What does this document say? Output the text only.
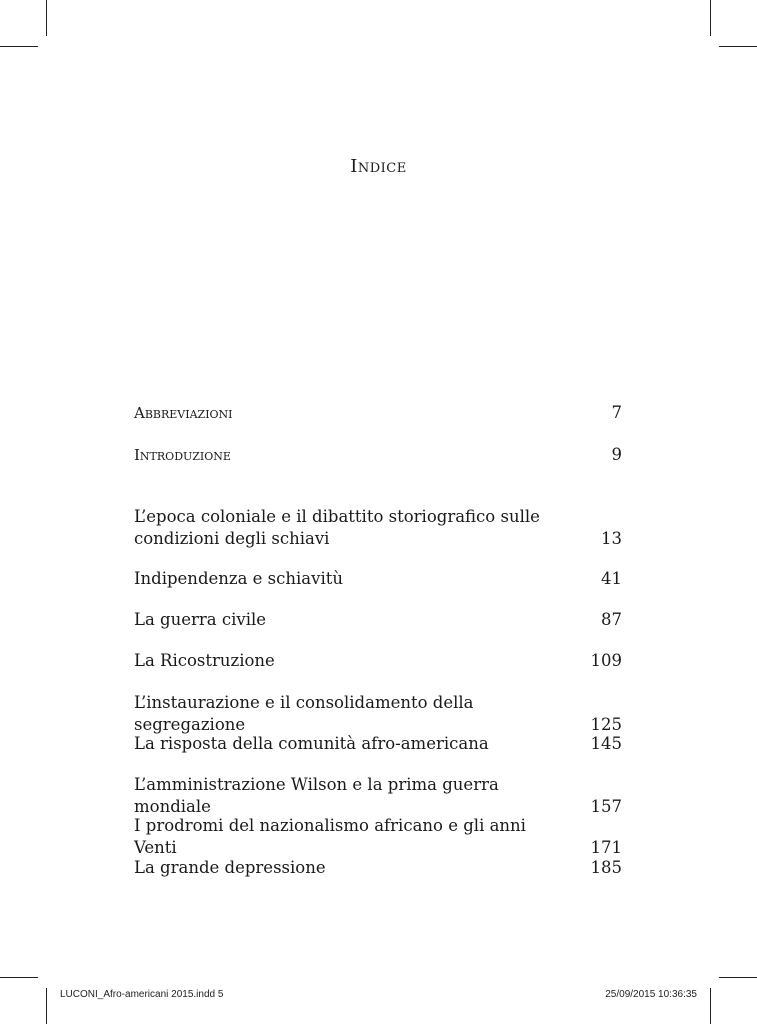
Indice
Abbreviazioni	7
Introduzione	9
L’epoca coloniale e il dibattito storiografico sulle condizioni degli schiavi	13
Indipendenza e schiavitù	41
La guerra civile	87
La Ricostruzione	109
L’instaurazione e il consolidamento della segregazione	125
La risposta della comunità afro-americana	145
L’amministrazione Wilson e la prima guerra mondiale	157
I prodromi del nazionalismo africano e gli anni Venti	171
La grande depressione	185
LUCONI_Afro-americani 2015.indd 5	25/09/2015 10:36:35
